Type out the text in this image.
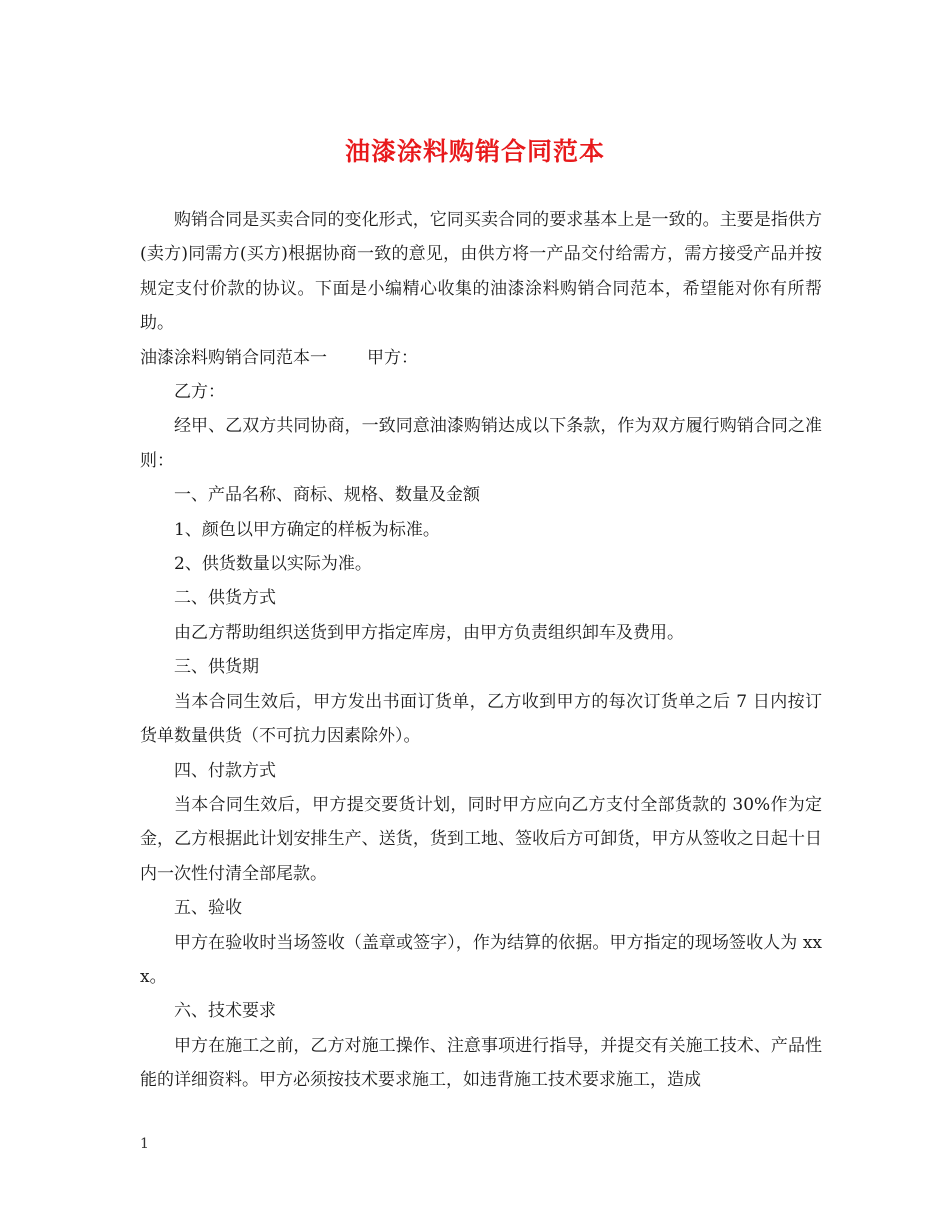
油漆涂料购销合同范本

购销合同是买卖合同的变化形式，它同买卖合同的要求基本上是一致的。主要是指供方(卖方)同需方(买方)根据协商一致的意见，由供方将一产品交付给需方，需方接受产品并按规定支付价款的协议。下面是小编精心收集的油漆涂料购销合同范本，希望能对你有所帮助。

油漆涂料购销合同范本一 甲方：

乙方：

经甲、乙双方共同协商，一致同意油漆购销达成以下条款，作为双方履行购销合同之准则：

一、产品名称、商标、规格、数量及金额

1、颜色以甲方确定的样板为标准。

2、供货数量以实际为准。

二、供货方式

由乙方帮助组织送货到甲方指定库房，由甲方负责组织卸车及费用。

三、供货期

当本合同生效后，甲方发出书面订货单，乙方收到甲方的每次订货单之后 7 日内按订货单数量供货（不可抗力因素除外）。

四、付款方式

当本合同生效后，甲方提交要货计划，同时甲方应向乙方支付全部货款的 30%作为定金，乙方根据此计划安排生产、送货，货到工地、签收后方可卸货，甲方从签收之日起十日内一次性付清全部尾款。

五、验收

甲方在验收时当场签收（盖章或签字），作为结算的依据。甲方指定的现场签收人为 xxx。

六、技术要求

甲方在施工之前，乙方对施工操作、注意事项进行指导，并提交有关施工技术、产品性能的详细资料。甲方必须按技术要求施工，如违背施工技术要求施工，造成

1
